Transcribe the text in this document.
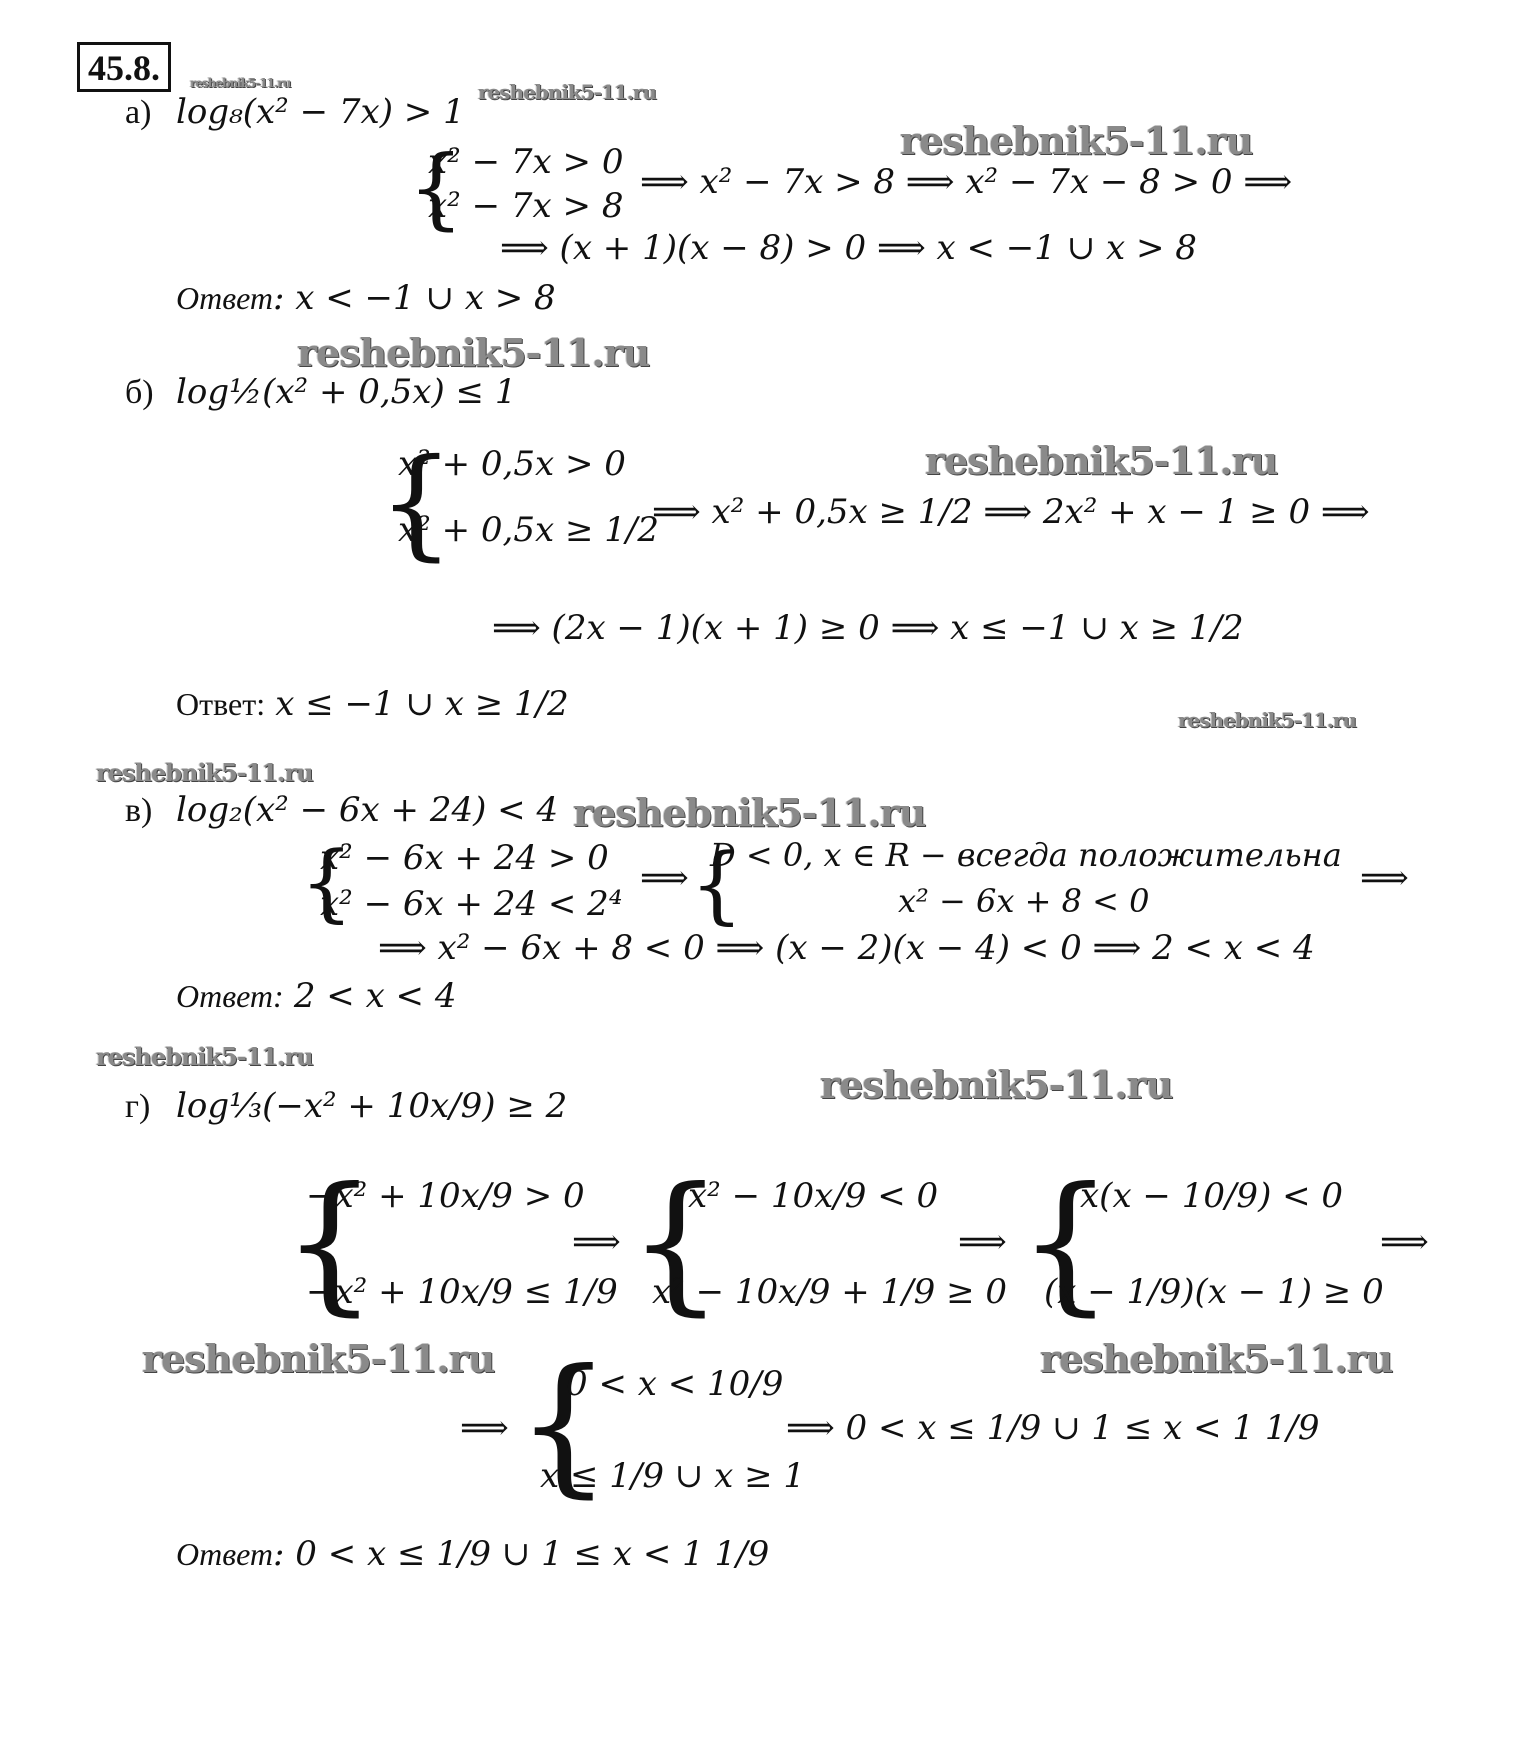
45.8.	reshebnik5-11.ru	reshebnik5-11.ru
reshebnik5-11.ru
reshebnik5-11.ru
reshebnik5-11.ru
reshebnik5-11.ru
reshebnik5-11.ru
reshebnik5-11.ru
reshebnik5-11.ru
reshebnik5-11.ru
reshebnik5-11.ru	reshebnik5-11.ru
а) log₈(x² − 7x) > 1
{
x² − 7x > 0
x² − 7x > 8
⟹ x² − 7x > 8 ⟹ x² − 7x − 8 > 0 ⟹
⟹ (x + 1)(x − 8) > 0 ⟹ x < −1 ∪ x > 8
Ответ: x < −1 ∪ x > 8
б) log½(x² + 0,5x) ≤ 1
{
x² + 0,5x > 0
x² + 0,5x ≥ 1/2
⟹ x² + 0,5x ≥ 1/2 ⟹ 2x² + x − 1 ≥ 0 ⟹
⟹ (2x − 1)(x + 1) ≥ 0 ⟹ x ≤ −1 ∪ x ≥ 1/2
Ответ: x ≤ −1 ∪ x ≥ 1/2
в) log₂(x² − 6x + 24) < 4
{
x² − 6x + 24 > 0
x² − 6x + 24 < 2⁴
⟹ {
D < 0, x ∈ R − всегда положительна
x² − 6x + 8 < 0
⟹
⟹ x² − 6x + 8 < 0 ⟹ (x − 2)(x − 4) < 0 ⟹ 2 < x < 4
Ответ: 2 < x < 4
г) log⅓(−x² + 10x/9) ≥ 2
{
−x² + 10x/9 > 0
−x² + 10x/9 ≤ 1/9
⟹ {
x² − 10x/9 < 0
x² − 10x/9 + 1/9 ≥ 0
⟹ {
x(x − 10/9) < 0
(x − 1/9)(x − 1) ≥ 0
⟹
⟹ {
0 < x < 10/9
x ≤ 1/9 ∪ x ≥ 1
⟹ 0 < x ≤ 1/9 ∪ 1 ≤ x < 1 1/9
Ответ: 0 < x ≤ 1/9 ∪ 1 ≤ x < 1 1/9
